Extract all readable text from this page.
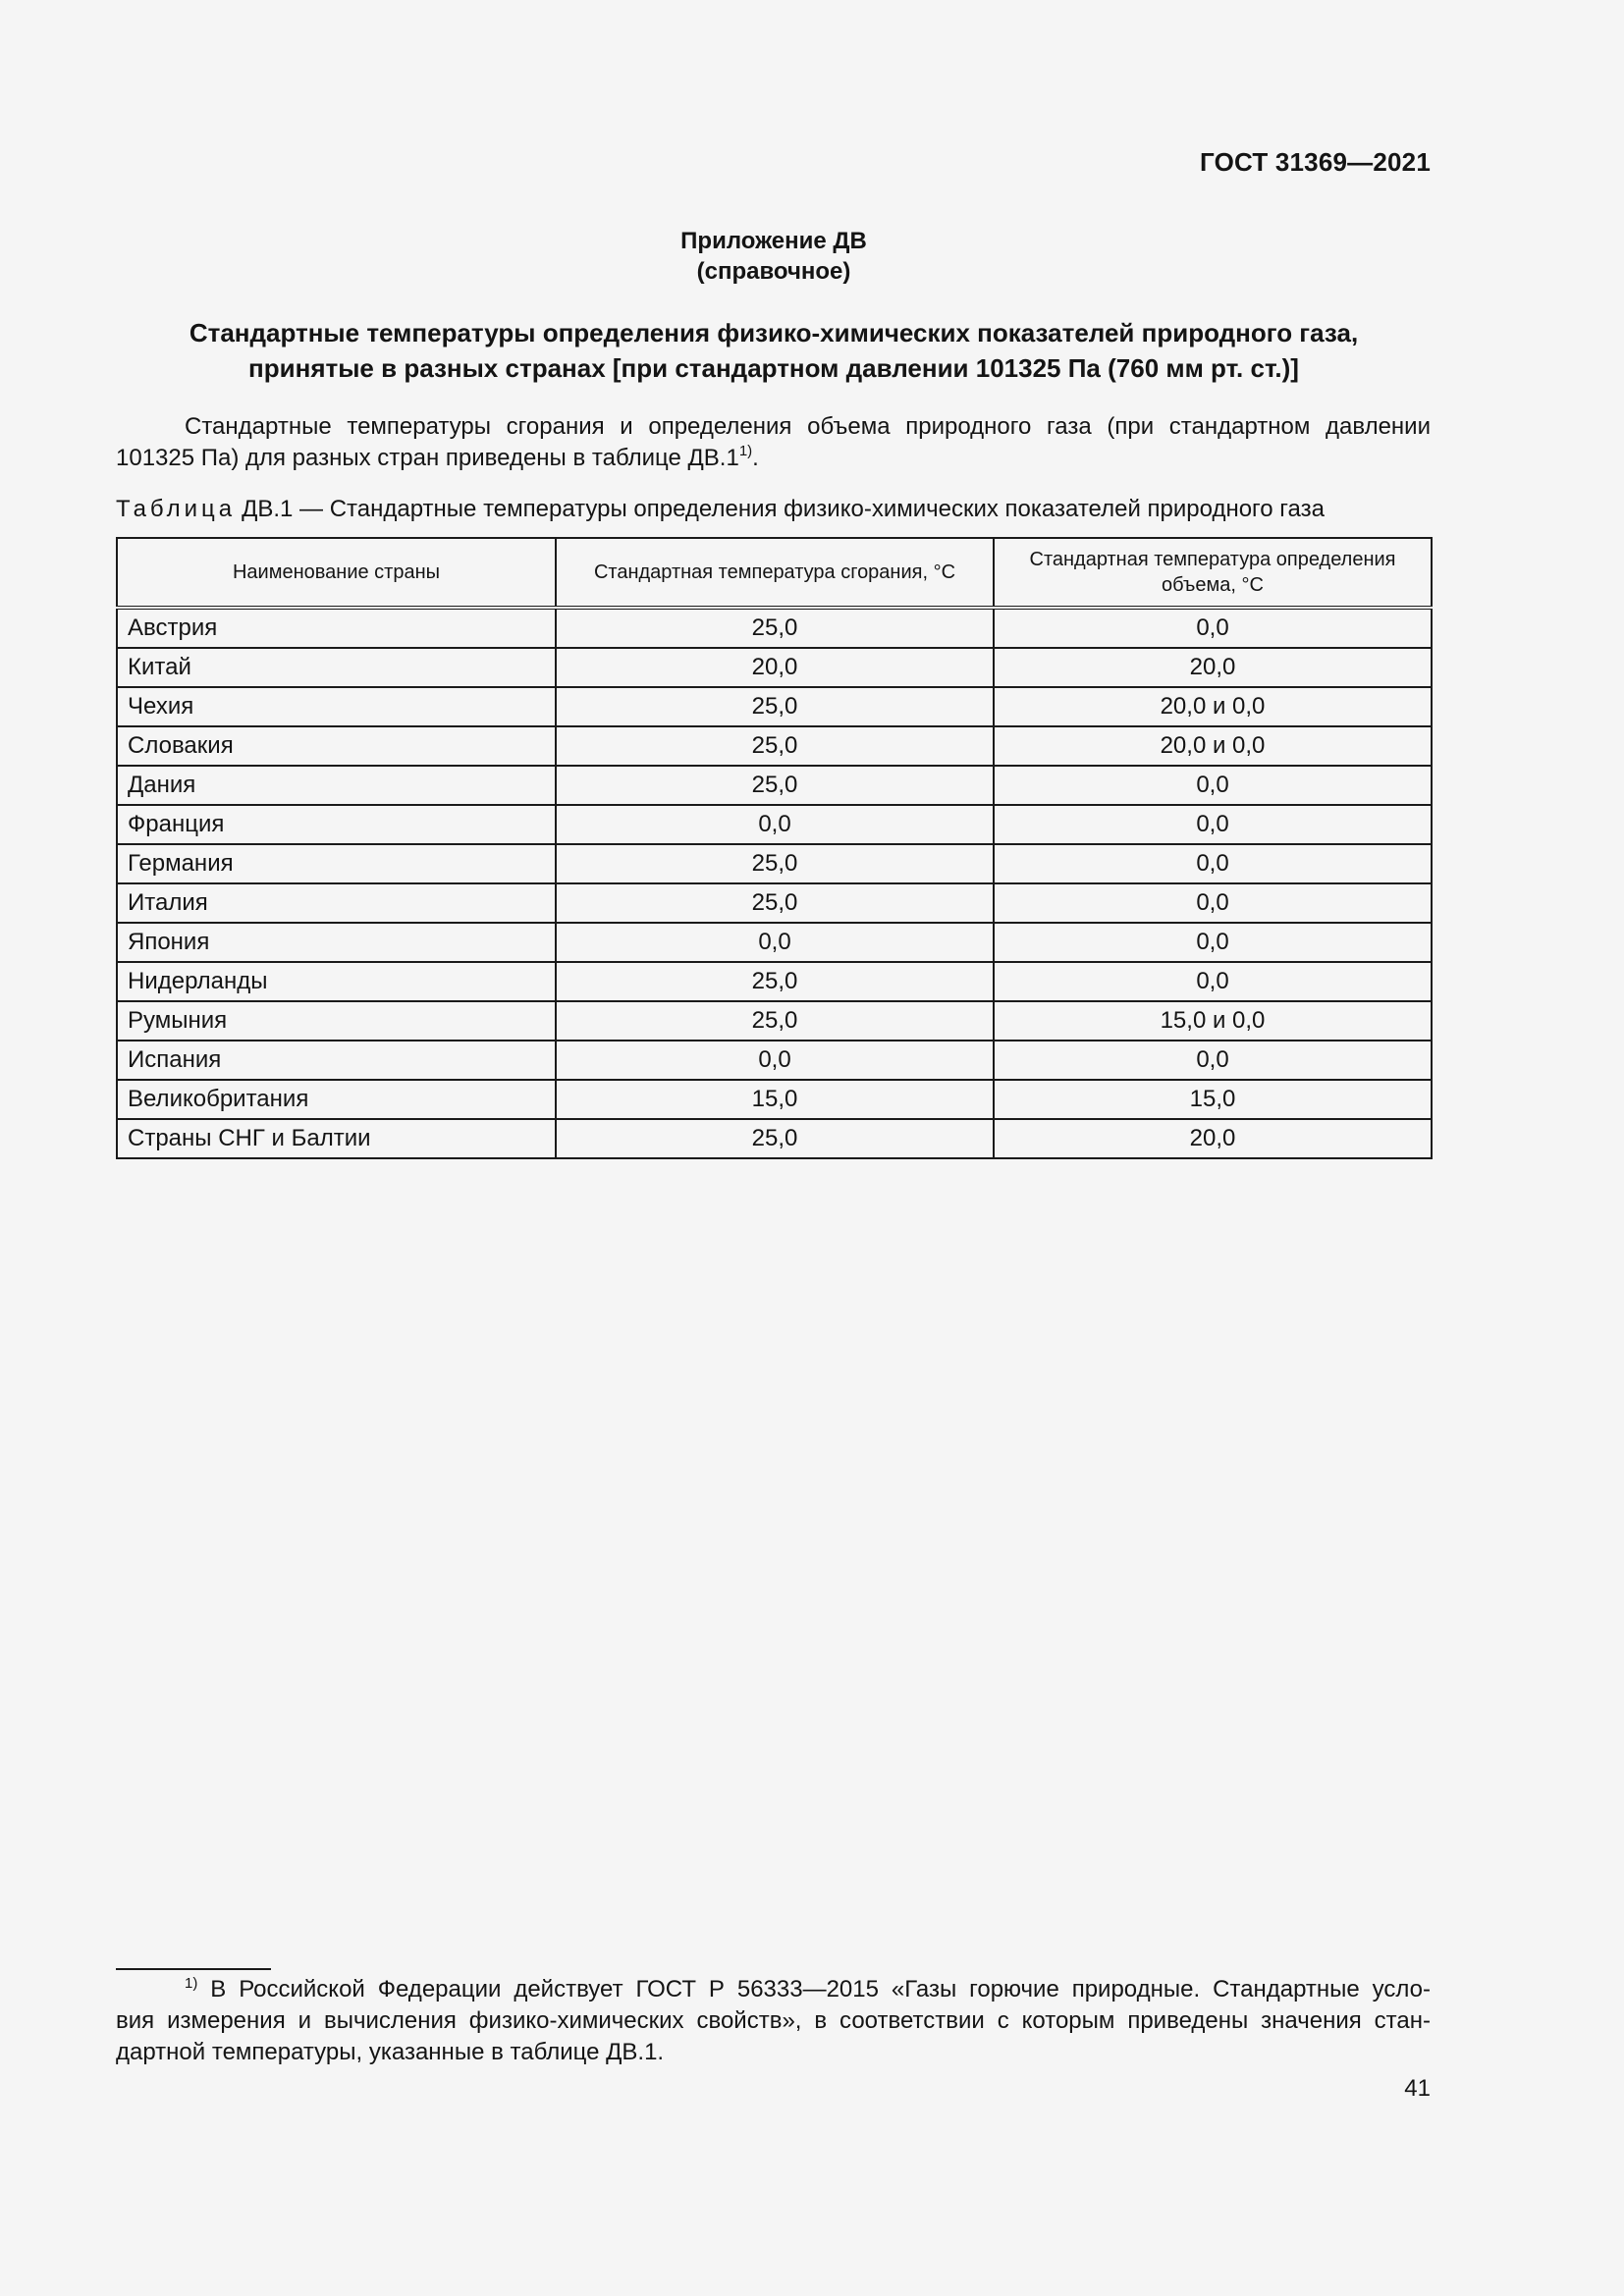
ГОСТ 31369—2021
Приложение ДВ
(справочное)
Стандартные температуры определения физико-химических показателей природного газа,
принятые в разных странах [при стандартном давлении 101325 Па (760 мм рт. ст.)]
Стандартные температуры сгорания и определения объема природного газа (при стандартном давлении
101325 Па) для разных стран приведены в таблице ДВ.1$^{1)}$.
Таблица ДВ.1 — Стандартные температуры определения физико-химических показателей природного газа
Наименование страны	Стандартная температура сгорания, °С	Стандартная температура определения объема, °С
Австрия	25,0	0,0
Китай	20,0	20,0
Чехия	25,0	20,0 и 0,0
Словакия	25,0	20,0 и 0,0
Дания	25,0	0,0
Франция	0,0	0,0
Германия	25,0	0,0
Италия	25,0	0,0
Япония	0,0	0,0
Нидерланды	25,0	0,0
Румыния	25,0	15,0 и 0,0
Испания	0,0	0,0
Великобритания	15,0	15,0
Страны СНГ и Балтии	25,0	20,0
$^{1)}$ В Российской Федерации действует ГОСТ Р 56333—2015 «Газы горючие природные. Стандартные усло-
вия измерения и вычисления физико-химических свойств», в соответствии с которым приведены значения стан-
дартной температуры, указанные в таблице ДВ.1.
41
